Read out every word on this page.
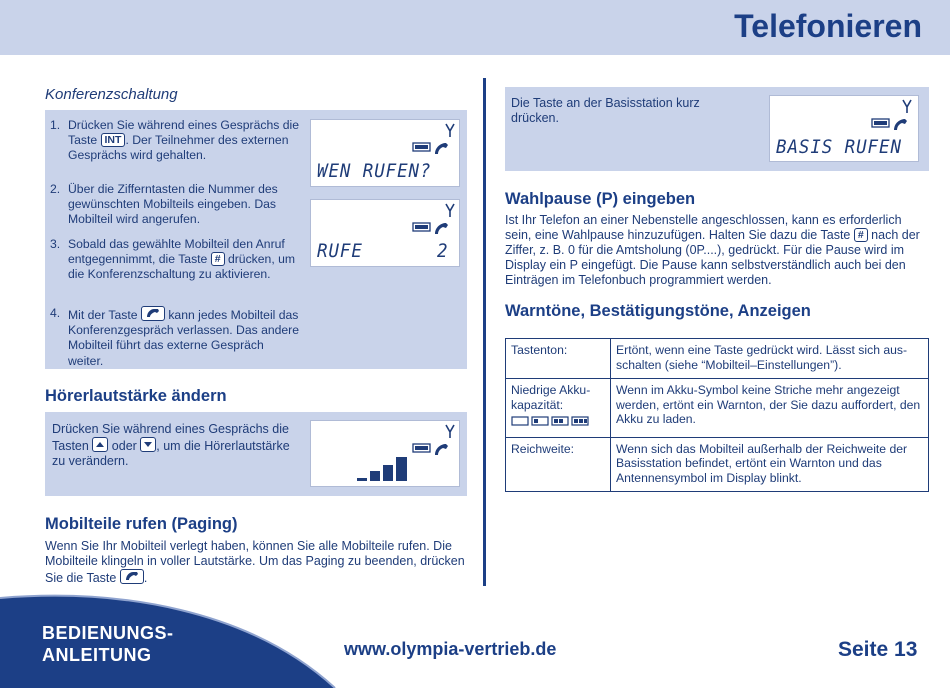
Telefonieren
Konferenzschaltung
1. Drücken Sie während eines Gesprächs die Taste INT . Der Teilnehmer des externen Gesprächs wird gehalten.
2. Über die Zifferntasten die Nummer des gewünschten Mobilteils eingeben. Das Mobilteil wird angerufen.
3. Sobald das gewählte Mobilteil den Anruf entgegennimmt, die Taste # drücken, um die Konferenzschaltung zu aktivieren.
4. Mit der Taste
kann jedes Mobilteil das Konferenzgespräch verlassen. Das andere Mobilteil führt das externe Gespräch weiter.
WEN RUFEN?
RUFE	2
Hörerlautstärke ändern
Drücken Sie während eines Gesprächs die Tasten
oder
, um die Hörerlautstärke zu verändern.
Mobilteile rufen (Paging)
Wenn Sie Ihr Mobilteil verlegt haben, können Sie alle Mobilteile rufen. Die Mobilteile klingeln in voller Lautstärke. Um das Paging zu beenden, drücken Sie die Taste .
Die Taste an der Basisstation kurz drücken.
BASIS RUFEN
Wahlpause (P) eingeben
Ist Ihr Telefon an einer Nebenstelle angeschlossen, kann es erforderlich sein, eine Wahlpause hinzuzufügen. Halten Sie dazu die Taste # nach der Ziffer, z. B. 0 für die Amtsholung (0P....), gedrückt. Für die Pause wird im Display ein P eingefügt. Die Pause kann selbstverständlich auch bei den Einträgen im Telefonbuch programmiert werden.
Warntöne, Bestätigungstöne, Anzeigen
Tastenton:	Ertönt, wenn eine Taste gedrückt wird. Lässt sich aus-schalten (siehe “Mobilteil–Einstellungen”).

Niedrige Akku-kapazität:	Wenn im Akku-Symbol keine Striche mehr angezeigt werden, ertönt ein Warnton, der Sie dazu auffordert, den Akku zu laden.
Reichweite:	Wenn sich das Mobilteil außerhalb der Reichweite der Basisstation befindet, ertönt ein Warnton und das Antennensymbol im Display blinkt.
BEDIENUNGS-
ANLEITUNG	www.olympia-vertrieb.de	Seite 13
